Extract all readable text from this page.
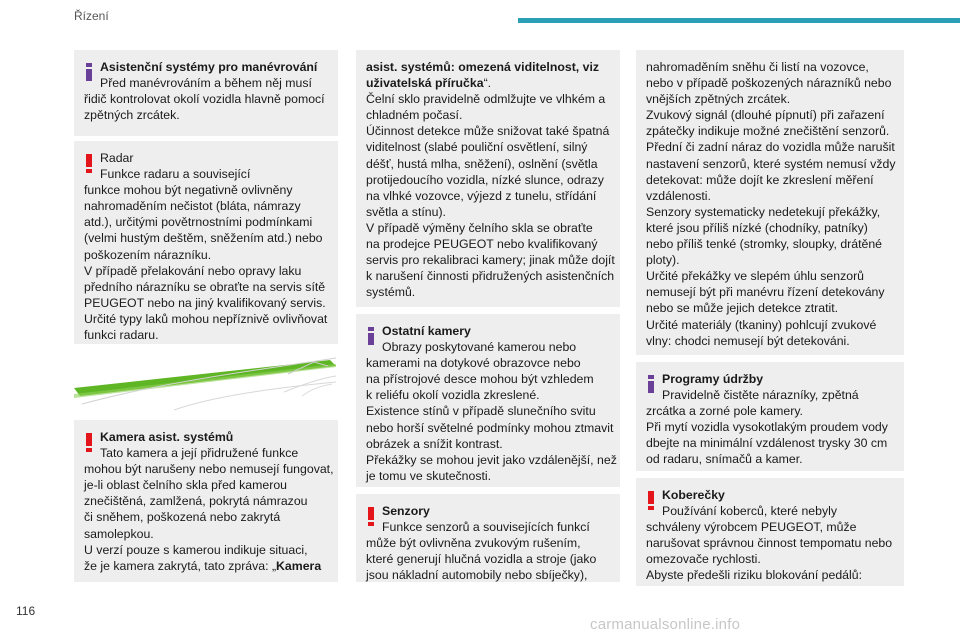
Řízení
Asistenční systémy pro manévrování
Před manévrováním a během něj musí
řidič kontrolovat okolí vozidla hlavně pomocí
zpětných zrcátek.
Radar
Funkce radaru a související
funkce mohou být negativně ovlivněny
nahromaděním nečistot (bláta, námrazy
atd.), určitými povětrnostními podmínkami
(velmi hustým deštěm, sněžením atd.) nebo
poškozením nárazníku.
V případě přelakování nebo opravy laku
předního nárazníku se obraťte na servis sítě
PEUGEOT nebo na jiný kvalifikovaný servis.
Určité typy laků mohou nepříznivě ovlivňovat
funkci radaru.
Kamera asist. systémů
Tato kamera a její přidružené funkce
mohou být narušeny nebo nemusejí fungovat,
je-li oblast čelního skla před kamerou
znečištěná, zamlžená, pokrytá námrazou
či sněhem, poškozená nebo zakrytá
samolepkou.
U verzí pouze s kamerou indikuje situaci,
že je kamera zakrytá, tato zpráva: „Kamera
asist. systémů: omezená viditelnost, viz
uživatelská příručka“.
Čelní sklo pravidelně odmlžujte ve vlhkém a
chladném počasí.
Účinnost detekce může snižovat také špatná
viditelnost (slabé pouliční osvětlení, silný
déšť, hustá mlha, sněžení), oslnění (světla
protijedoucího vozidla, nízké slunce, odrazy
na vlhké vozovce, výjezd z tunelu, střídání
světla a stínu).
V případě výměny čelního skla se obraťte
na prodejce PEUGEOT nebo kvalifikovaný
servis pro rekalibraci kamery; jinak může dojít
k narušení činnosti přidružených asistenčních
systémů.
Ostatní kamery
Obrazy poskytované kamerou nebo
kamerami na dotykové obrazovce nebo
na přístrojové desce mohou být vzhledem
k reliéfu okolí vozidla zkreslené.
Existence stínů v případě slunečního svitu
nebo horší světelné podmínky mohou ztmavit
obrázek a snížit kontrast.
Překážky se mohou jevit jako vzdálenější, než
je tomu ve skutečnosti.
Senzory
Funkce senzorů a souvisejících funkcí
může být ovlivněna zvukovým rušením,
které generují hlučná vozidla a stroje (jako
jsou nákladní automobily nebo sbíječky),
nahromaděním sněhu či listí na vozovce,
nebo v případě poškozených nárazníků nebo
vnějších zpětných zrcátek.
Zvukový signál (dlouhé pípnutí) při zařazení
zpátečky indikuje možné znečištění senzorů.
Přední či zadní náraz do vozidla může narušit
nastavení senzorů, které systém nemusí vždy
detekovat: může dojít ke zkreslení měření
vzdálenosti.
Senzory systematicky nedetekují překážky,
které jsou příliš nízké (chodníky, patníky)
nebo příliš tenké (stromky, sloupky, drátěné
ploty).
Určité překážky ve slepém úhlu senzorů
nemusejí být při manévru řízení detekovány
nebo se může jejich detekce ztratit.
Určité materiály (tkaniny) pohlcují zvukové
vlny: chodci nemusejí být detekováni.
Programy údržby
Pravidelně čistěte nárazníky, zpětná
zrcátka a zorné pole kamery.
Při mytí vozidla vysokotlakým proudem vody
dbejte na minimální vzdálenost trysky 30 cm
od radaru, snímačů a kamer.
Koberečky
Používání koberců, které nebyly
schváleny výrobcem PEUGEOT, může
narušovat správnou činnost tempomatu nebo
omezovače rychlosti.
Abyste předešli riziku blokování pedálů:
116
carmanualsonline.info
